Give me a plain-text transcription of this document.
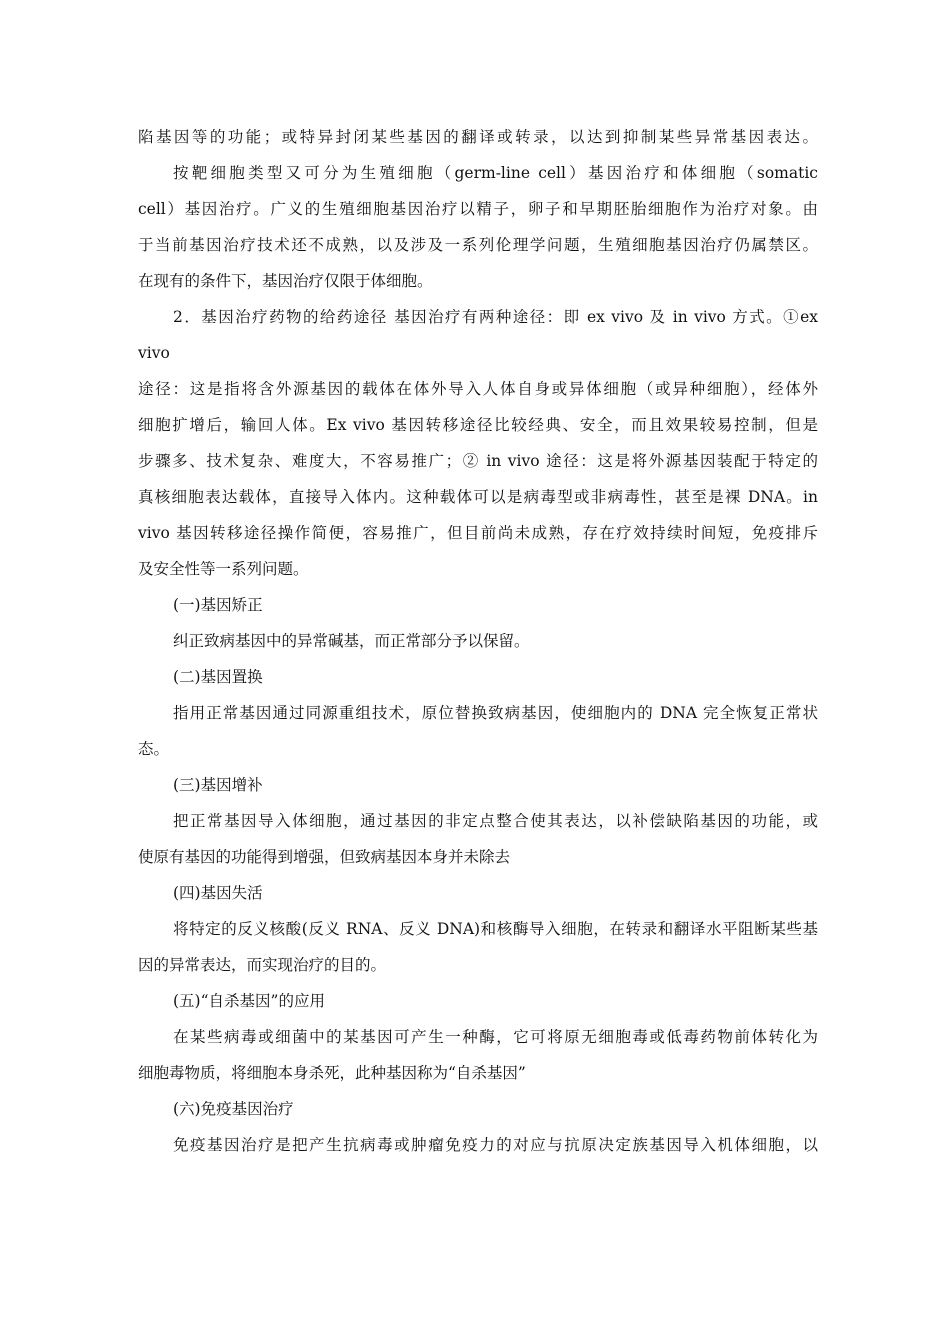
陷基因等的功能；或特异封闭某些基因的翻译或转录，以达到抑制某些异常基因表达。
按靶细胞类型又可分为生殖细胞（germ-line cell）基因治疗和体细胞（somatic
cell）基因治疗。广义的生殖细胞基因治疗以精子，卵子和早期胚胎细胞作为治疗对象。由
于当前基因治疗技术还不成熟，以及涉及一系列伦理学问题，生殖细胞基因治疗仍属禁区。
在现有的条件下，基因治疗仅限于体细胞。
2．基因治疗药物的给药途径 基因治疗有两种途径：即 ex vivo 及 in vivo 方式。①ex
vivo
途径：这是指将含外源基因的载体在体外导入人体自身或异体细胞（或异种细胞），经体外
细胞扩增后，输回人体。Ex vivo 基因转移途径比较经典、安全，而且效果较易控制，但是
步骤多、技术复杂、难度大，不容易推广；② in vivo 途径：这是将外源基因装配于特定的
真核细胞表达载体，直接导入体内。这种载体可以是病毒型或非病毒性，甚至是裸 DNA。in
vivo 基因转移途径操作简便，容易推广，但目前尚未成熟，存在疗效持续时间短，免疫排斥
及安全性等一系列问题。
(一)基因矫正
纠正致病基因中的异常碱基，而正常部分予以保留。
(二)基因置换
指用正常基因通过同源重组技术，原位替换致病基因，使细胞内的 DNA 完全恢复正常状
态。
(三)基因增补
把正常基因导入体细胞，通过基因的非定点整合使其表达，以补偿缺陷基因的功能，或
使原有基因的功能得到增强，但致病基因本身并未除去
(四)基因失活
将特定的反义核酸(反义 RNA、反义 DNA)和核酶导入细胞，在转录和翻译水平阻断某些基
因的异常表达，而实现治疗的目的。
(五)“自杀基因”的应用
在某些病毒或细菌中的某基因可产生一种酶，它可将原无细胞毒或低毒药物前体转化为
细胞毒物质，将细胞本身杀死，此种基因称为“自杀基因”
(六)免疫基因治疗
免疫基因治疗是把产生抗病毒或肿瘤免疫力的对应与抗原决定族基因导入机体细胞，以
